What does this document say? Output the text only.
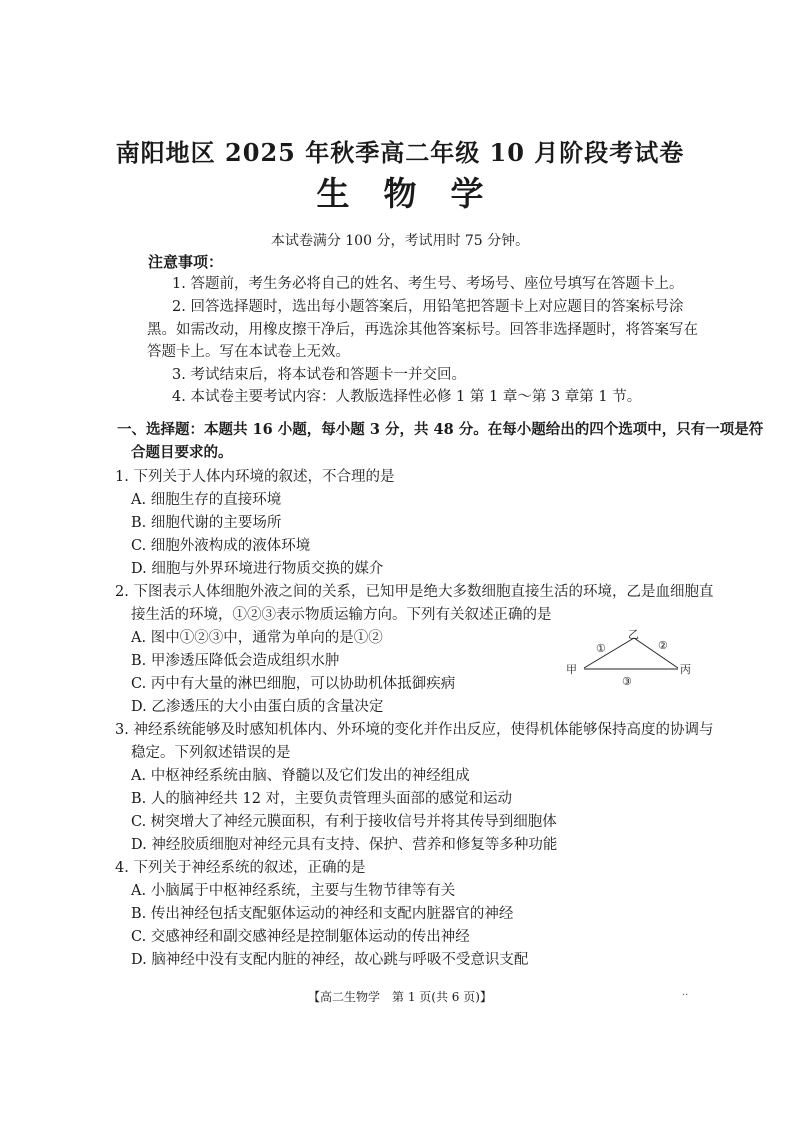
南阳地区 2025 年秋季高二年级 10 月阶段考试卷
生物学
本试卷满分 100 分，考试用时 75 分钟。
注意事项：
1. 答题前，考生务必将自己的姓名、考生号、考场号、座位号填写在答题卡上。
2. 回答选择题时，选出每小题答案后，用铅笔把答题卡上对应题目的答案标号涂
黑。如需改动，用橡皮擦干净后，再选涂其他答案标号。回答非选择题时，将答案写在
答题卡上。写在本试卷上无效。
3. 考试结束后，将本试卷和答题卡一并交回。
4. 本试卷主要考试内容：人教版选择性必修 1 第 1 章～第 3 章第 1 节。
一、选择题：本题共 16 小题，每小题 3 分，共 48 分。在每小题给出的四个选项中，只有一项是符
合题目要求的。
1. 下列关于人体内环境的叙述，不合理的是
A. 细胞生存的直接环境
B. 细胞代谢的主要场所
C. 细胞外液构成的液体环境
D. 细胞与外界环境进行物质交换的媒介
2. 下图表示人体细胞外液之间的关系，已知甲是绝大多数细胞直接生活的环境，乙是血细胞直
接生活的环境，①②③表示物质运输方向。下列有关叙述正确的是
A. 图中①②③中，通常为单向的是①②
B. 甲渗透压降低会造成组织水肿
C. 丙中有大量的淋巴细胞，可以协助机体抵御疾病
D. 乙渗透压的大小由蛋白质的含量决定
乙
甲	丙
①	②
③
3. 神经系统能够及时感知机体内、外环境的变化并作出反应，使得机体能够保持高度的协调与
稳定。下列叙述错误的是
A. 中枢神经系统由脑、脊髓以及它们发出的神经组成
B. 人的脑神经共 12 对，主要负责管理头面部的感觉和运动
C. 树突增大了神经元膜面积，有利于接收信号并将其传导到细胞体
D. 神经胶质细胞对神经元具有支持、保护、营养和修复等多种功能
4. 下列关于神经系统的叙述，正确的是
A. 小脑属于中枢神经系统，主要与生物节律等有关
B. 传出神经包括支配躯体运动的神经和支配内脏器官的神经
C. 交感神经和副交感神经是控制躯体运动的传出神经
D. 脑神经中没有支配内脏的神经，故心跳与呼吸不受意识支配
【高二生物学　第 1 页(共 6 页)】	··
